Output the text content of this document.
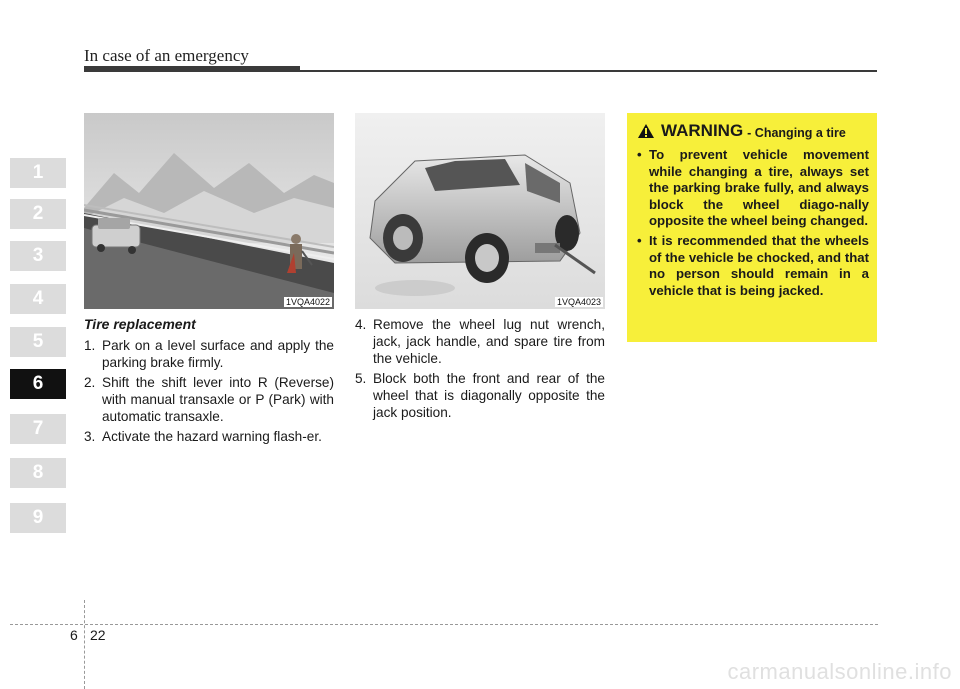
In case of an emergency
1
2
3
4
5
6
7
8
9
1VQA4022	1VQA4023
Tire replacement
1. Park on a level surface and apply the parking brake firmly.
2. Shift the shift lever into R (Reverse) with manual transaxle or P (Park) with automatic transaxle.
3. Activate the hazard warning flash-er.
4. Remove the wheel lug nut wrench, jack, jack handle, and spare tire from the vehicle.
5. Block both the front and rear of the wheel that is diagonally opposite the jack position.
WARNING - Changing a tire
• To prevent vehicle movement while changing a tire, always set the parking brake fully, and always block the wheel diago-nally opposite the wheel being changed.
• It is recommended that the wheels of the vehicle be chocked, and that no person should remain in a vehicle that is being jacked.
6 22
carmanualsonline.info
